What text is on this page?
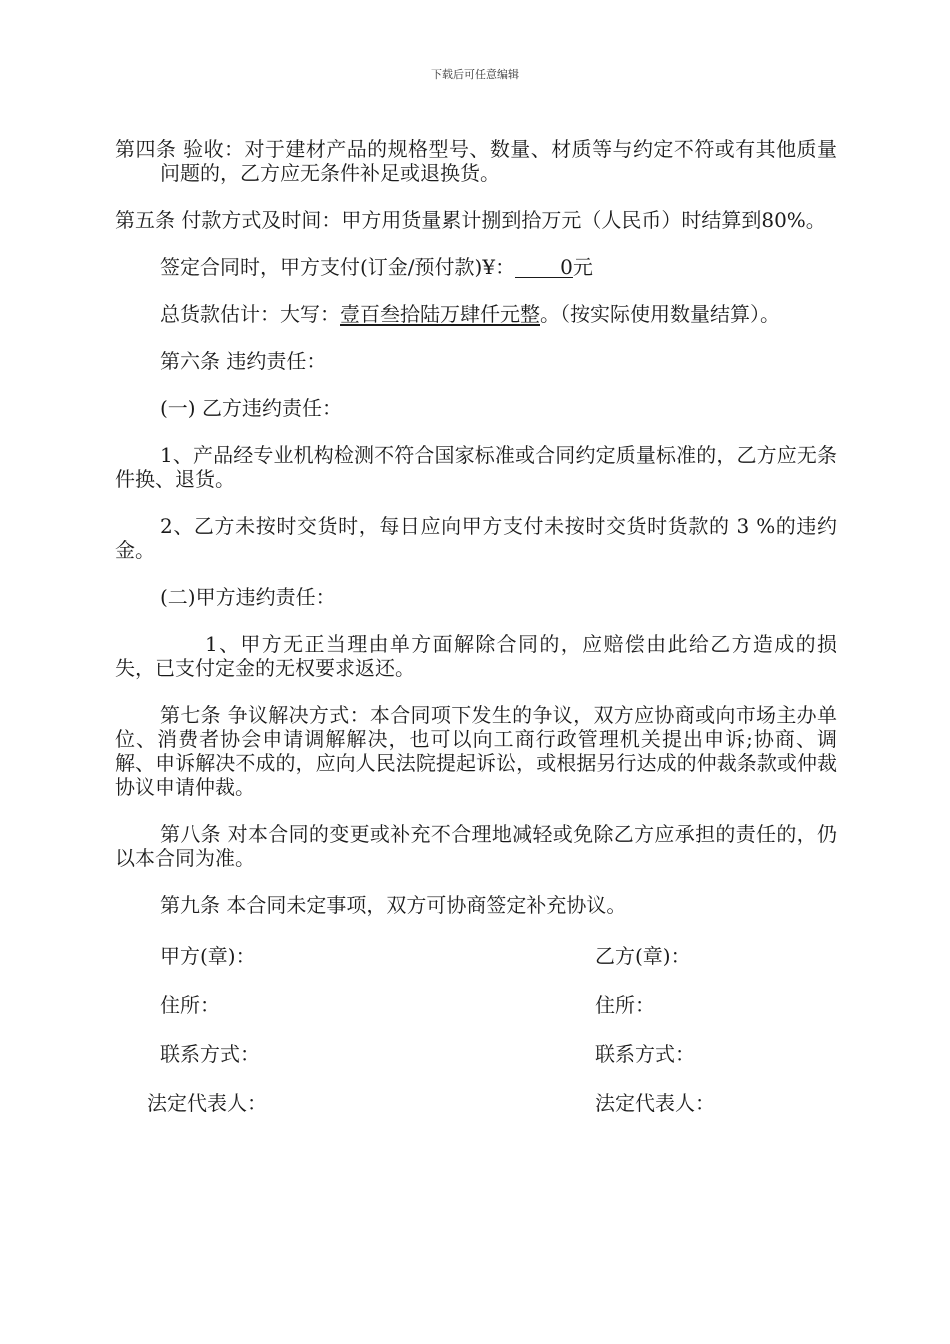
下载后可任意编辑

第四条 验收：对于建材产品的规格型号、数量、材质等与约定不符或有其他质量问题的，乙方应无条件补足或退换货。

第五条 付款方式及时间：甲方用货量累计捌到拾万元（人民币）时结算到80%。

签定合同时，甲方支付(订金/预付款)¥： 0元

总货款估计：大写：壹百叁拾陆万肆仟元整。（按实际使用数量结算）。

第六条 违约责任：

(一) 乙方违约责任：

1、产品经专业机构检测不符合国家标准或合同约定质量标准的，乙方应无条件换、退货。

2、乙方未按时交货时，每日应向甲方支付未按时交货时货款的 3 %的违约金。

(二)甲方违约责任：

1、甲方无正当理由单方面解除合同的，应赔偿由此给乙方造成的损失，已支付定金的无权要求返还。

第七条 争议解决方式：本合同项下发生的争议，双方应协商或向市场主办单位、消费者协会申请调解解决，也可以向工商行政管理机关提出申诉;协商、调解、申诉解决不成的，应向人民法院提起诉讼，或根据另行达成的仲裁条款或仲裁协议申请仲裁。

第八条 对本合同的变更或补充不合理地减轻或免除乙方应承担的责任的，仍以本合同为准。

第九条 本合同未定事项，双方可协商签定补充协议。

甲方(章)：	乙方(章)：
住所：	住所：
联系方式：	联系方式：
法定代表人：	法定代表人：
